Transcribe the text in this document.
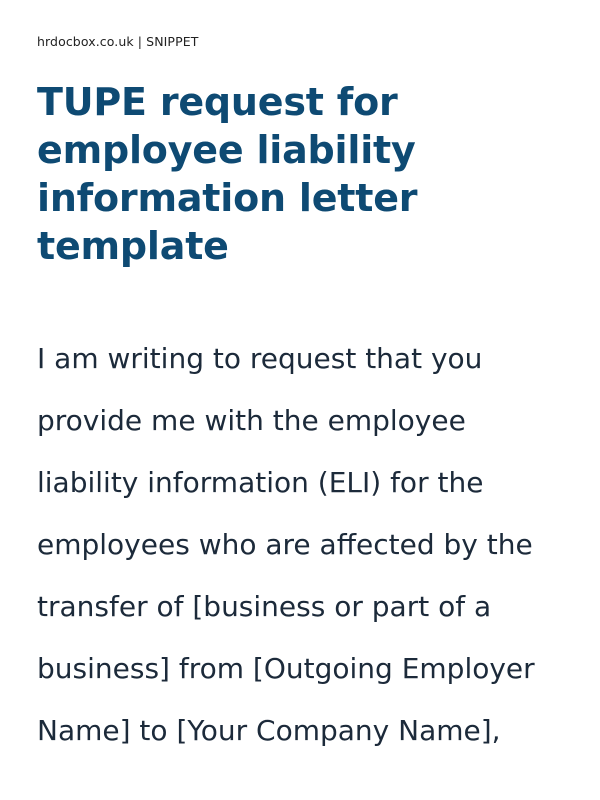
hrdocbox.co.uk | SNIPPET
TUPE request for
employee liability
information letter
template

I am writing to request that you
provide me with the employee
liability information (ELI) for the
employees who are affected by the
transfer of [business or part of a
business] from [Outgoing Employer
Name] to [Your Company Name],
